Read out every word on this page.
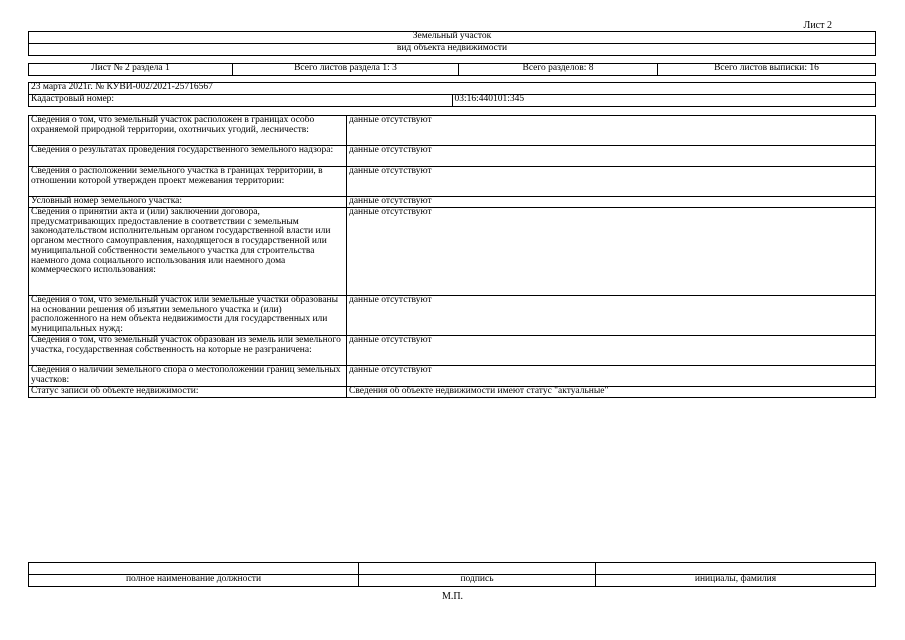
Лист 2
Земельный участок
вид объекта недвижимости
Лист № 2 раздела 1	Всего листов раздела 1: 3	Всего разделов: 8	Всего листов выписки: 16
23 марта 2021г. № КУВИ-002/2021-25716567
Кадастровый номер:	03:16:440101:345
Сведения о том, что земельный участок расположен в границах особо охраняемой природной территории, охотничьих угодий, лесничеств:	данные отсутствуют
Сведения о результатах проведения государственного земельного надзора:	данные отсутствуют
Сведения о расположении земельного участка в границах территории, в отношении которой утвержден проект межевания территории:	данные отсутствуют
Условный номер земельного участка:	данные отсутствуют
Сведения о принятии акта и (или) заключении договора, предусматривающих предоставление в соответствии с земельным законодательством исполнительным органом государственной власти или органом местного самоуправления, находящегося в государственной или муниципальной собственности земельного участка для строительства наемного дома социального использования или наемного дома коммерческого использования:	данные отсутствуют
Сведения о том, что земельный участок или земельные участки образованы на основании решения об изъятии земельного участка и (или) расположенного на нем объекта недвижимости для государственных или муниципальных нужд:	данные отсутствуют
Сведения о том, что земельный участок образован из земель или земельного участка, государственная собственность на которые не разграничена:	данные отсутствуют
Сведения о наличии земельного спора о местоположении границ земельных участков:	данные отсутствуют
Статус записи об объекте недвижимости:	Сведения об объекте недвижимости имеют статус "актуальные"

полное наименование должности	подпись	инициалы, фамилия
М.П.
